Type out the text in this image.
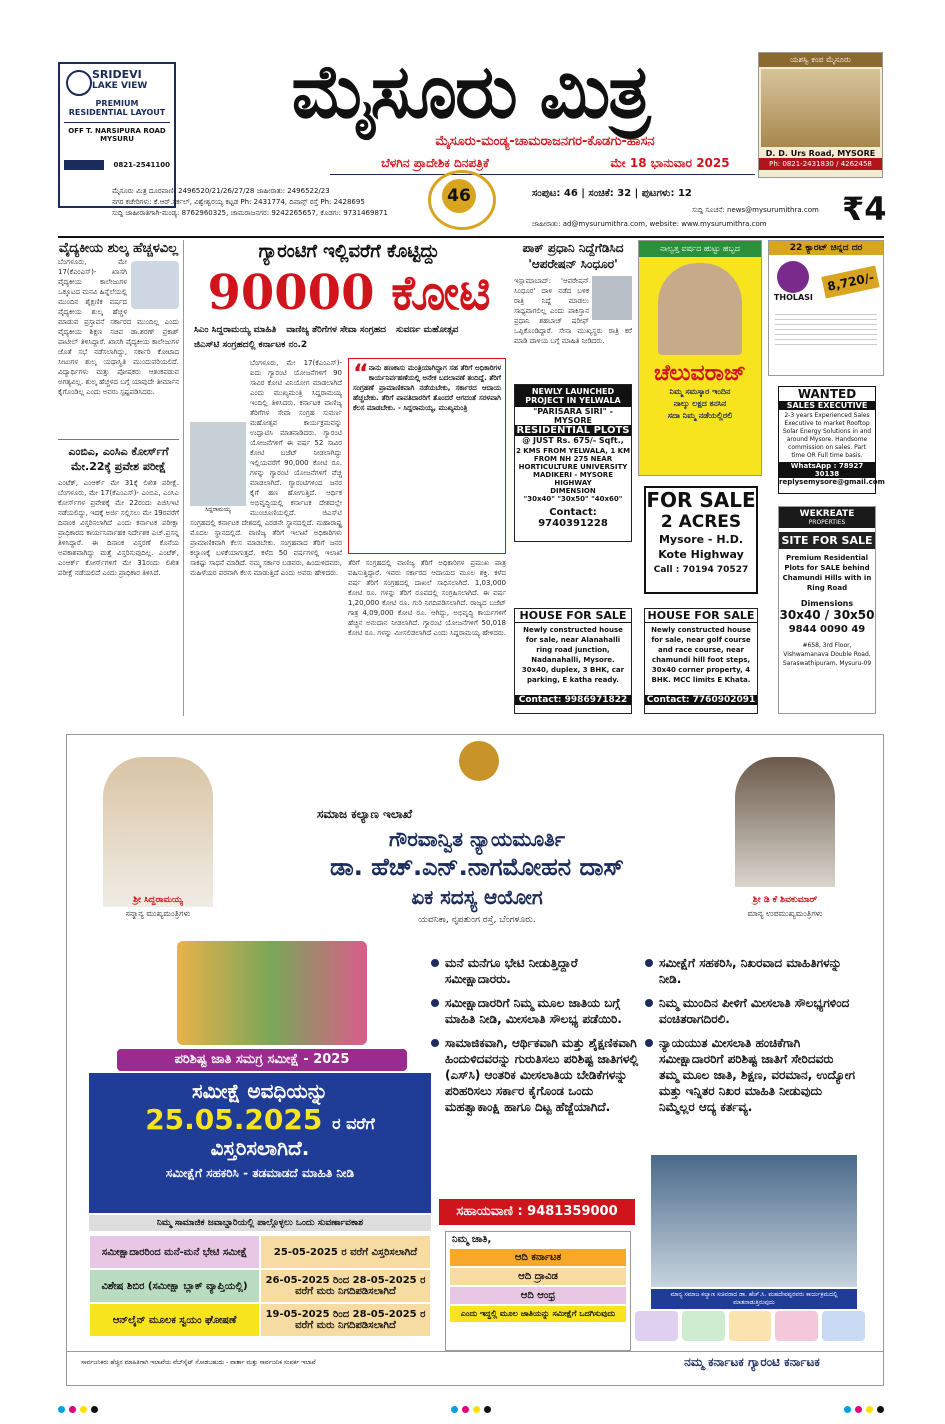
SRIDEVI
LAKE VIEW
PREMIUM
RESIDENTIAL LAYOUT
OFF T. NARSIPURA ROAD
MYSURU
0821-2541100
ಮೈಸೂರು ಮಿತ್ರ
ಮೈಸೂರು-ಮಂಡ್ಯ-ಚಾಮರಾಜನಗರ-ಕೊಡಗು-ಹಾಸನ
ಬೆಳಗಿನ ಪ್ರಾದೇಶಿಕ ದಿನಪತ್ರಿಕೆ	ಮೇ 18 ಭಾನುವಾರ 2025
46
ಮೈಸೂರು ಮಿತ್ರ ದೂರವಾಣಿ: 2496520/21/26/27/28 ಜಾಹೀರಾತು: 2496522/23
ನಗರ ಕಚೇರಿಗಳು: ಕೆ.ಆರ್.ಸರ್ಕಲ್, ವಿಶ್ವೇಶ್ವರಯ್ಯ ಕಟ್ಟಡ Ph: 2431774, ದಿವಾನ್ಸ್ ರಸ್ತೆ Ph: 2428695
ಸುದ್ದಿ ಜಾಹೀರಾತಿಗಾಗಿ-ಮಂಡ್ಯ: 8762960325, ಚಾಮರಾಜನಗರ: 9242265657, ಕೊಡಗು: 9731469871
ಸಂಪುಟ: 46 | ಸಂಚಿಕೆ: 32 | ಪುಟಗಳು: 12
ಸುದ್ದಿ ಸೂಚನೆ: news@mysurumithra.com
ಜಾಹೀರಾತು: ad@mysurumithra.com, website: www.mysurumithra.com	₹4
ಯಶಸ್ವಿ ಕಂಪ ಮೈಸೂರು
D. D. Urs Road, MYSORE
Ph: 0821-2431830 / 4262458
ವೈದ್ಯಕೀಯ ಶುಲ್ಕ ಹೆಚ್ಚಳವಿಲ್ಲ
ಬೆಂಗಳೂರು, ಮೇ 17(ಕೆಎಂಎಸ್)- ಖಾಸಗಿ ವೈದ್ಯಕೀಯ ಕಾಲೇಜುಗಳ ಒಕ್ಕೂಟದ ಮನವಿ ಹಿನ್ನೆಲೆಯಲ್ಲಿ ಮುಂದಿನ ಶೈಕ್ಷಣಿಕ ವರ್ಷದ ವೈದ್ಯಕೀಯ ಶುಲ್ಕ ಹೆಚ್ಚಳ ಮಾಡುವ ಪ್ರಸ್ತಾವನೆ ಸರ್ಕಾರದ ಮುಂದಿಲ್ಲ ಎಂದು ವೈದ್ಯಕೀಯ ಶಿಕ್ಷಣ ಸಚಿವ ಡಾ.ಶರಣ್ ಪ್ರಕಾಶ್ ಪಾಟೀಲ್ ತಿಳಿಸಿದ್ದಾರೆ. ಖಾಸಗಿ ವೈದ್ಯಕೀಯ ಕಾಲೇಜುಗಳ ಜೊತೆ ಸಭೆ ನಡೆಸಲಾಗಿದ್ದು, ಸರ್ಕಾರಿ ಕೋಟಾದ ಸೀಟುಗಳ ಶುಲ್ಕ ಯಥಾಸ್ಥಿತಿ ಮುಂದುವರಿಯಲಿದೆ. ವಿದ್ಯಾರ್ಥಿಗಳು ಮತ್ತು ಪೋಷಕರು ಆತಂಕಪಡುವ ಅಗತ್ಯವಿಲ್ಲ. ಶುಲ್ಕ ಹೆಚ್ಚಳದ ಬಗ್ಗೆ ಯಾವುದೇ ತೀರ್ಮಾನ ಕೈಗೊಂಡಿಲ್ಲ ಎಂದು ಅವರು ಸ್ಪಷ್ಟಪಡಿಸಿದರು.
ಎಂಬಿಎ, ಎಂಸಿಎ ಕೋರ್ಸ್‌ಗೆ ಮೇ.22ಕ್ಕೆ ಪ್ರವೇಶ ಪರೀಕ್ಷೆ
ಎಂಟೆಕ್, ಎಂಆರ್ಕ್ ಮೇ 31ಕ್ಕೆ ಲಿಖಿತ ಪರೀಕ್ಷೆ. ಬೆಂಗಳೂರು, ಮೇ 17(ಕೆಎಂಎಸ್)- ಎಂಬಿಎ, ಎಂಸಿಎ ಕೋರ್ಸ್‌ಗಳ ಪ್ರವೇಶಕ್ಕೆ ಮೇ 22ರಂದು ಪಿಜಿಸಿಇಟಿ ನಡೆಯಲಿದ್ದು, ಇದಕ್ಕೆ ಅರ್ಜಿ ಸಲ್ಲಿಸಲು ಮೇ 19ರವರೆಗೆ ದಿನಾಂಕ ವಿಸ್ತರಿಸಲಾಗಿದೆ ಎಂದು ಕರ್ನಾಟಕ ಪರೀಕ್ಷಾ ಪ್ರಾಧಿಕಾರದ ಕಾರ್ಯನಿರ್ವಾಹಕ ನಿರ್ದೇಶಕ ಎಚ್.ಪ್ರಸನ್ನ ತಿಳಿಸಿದ್ದಾರೆ. ಈ ದಿನಾಂಕ ವಿಸ್ತರಣೆ ಕೊನೆಯ ಅವಕಾಶವಾಗಿದ್ದು ಮತ್ತೆ ವಿಸ್ತರಿಸುವುದಿಲ್ಲ. ಎಂಟೆಕ್, ಎಂಆರ್ಕ್ ಕೋರ್ಸ್‌ಗಳಿಗೆ ಮೇ 31ರಂದು ಲಿಖಿತ ಪರೀಕ್ಷೆ ನಡೆಯಲಿದೆ ಎಂದು ಪ್ರಾಧಿಕಾರ ತಿಳಿಸಿದೆ.
ಗ್ಯಾರಂಟಿಗೆ ಇಲ್ಲಿವರೆಗೆ ಕೊಟ್ಟಿದ್ದು
90000 ಕೋಟಿ
ಸಿಎಂ ಸಿದ್ದರಾಮಯ್ಯ ಮಾಹಿತಿ ವಾಣಿಜ್ಯ ತೆರಿಗೆಗಳ ಸೇವಾ ಸಂಗ್ರಹದ ಸುವರ್ಣ ಮಹೋತ್ಸವ
ಜಿಎಸ್‌ಟಿ ಸಂಗ್ರಹದಲ್ಲಿ ಕರ್ನಾಟಕ ನಂ.2
ಸಿದ್ದರಾಮಯ್ಯ
ಬೆಂಗಳೂರು, ಮೇ 17(ಕೆಎಂಎಸ್)- ಐದು ಗ್ಯಾರಂಟಿ ಯೋಜನೆಗಳಿಗೆ 90 ಸಾವಿರ ಕೋಟಿ ವಿನಿಯೋಗ ಮಾಡಲಾಗಿದೆ ಎಂದು ಮುಖ್ಯಮಂತ್ರಿ ಸಿದ್ದರಾಮಯ್ಯ ಇಂದಿಲ್ಲಿ ತಿಳಿಸಿದರು. ಕರ್ನಾಟಕ ವಾಣಿಜ್ಯ ತೆರಿಗೆಗಳ ಸೇವಾ ಸಂಗ್ರಹ ಸುವರ್ಣ ಮಹೋತ್ಸವ ಕಾರ್ಯಕ್ರಮವನ್ನು ಉದ್ಘಾಟಿಸಿ ಮಾತನಾಡಿದರು. ಗ್ಯಾರಂಟಿ ಯೋಜನೆಗಳಿಗೆ ಈ ವರ್ಷ 52 ಸಾವಿರ ಕೋಟಿ ಬಜೆಟ್ ನೀಡಲಾಗಿದ್ದು ಇಲ್ಲಿಯವರೆಗೆ 90,000 ಕೋಟಿ ರೂ. ಗಳನ್ನು ಗ್ಯಾರಂಟಿ ಯೋಜನೆಗಳಿಗೆ ವೆಚ್ಚ ಮಾಡಲಾಗಿದೆ. ಗ್ಯಾರಂಟಿಗಳಿಂದ ಜನರ ಕೈಗೆ ಹಣ ಹೋಗುತ್ತಿದೆ. ಆರ್ಥಿಕ ಅಭಿವೃದ್ಧಿಯಲ್ಲಿ ಕರ್ನಾಟಕ ದೇಶದಲ್ಲೇ ಮುಂಚೂಣಿಯಲ್ಲಿದೆ. ಜಿಎಸ್‌ಟಿ ಸಂಗ್ರಹದಲ್ಲಿ ಕರ್ನಾಟಕ ದೇಶದಲ್ಲಿ ಎರಡನೇ ಸ್ಥಾನದಲ್ಲಿದೆ. ಮಹಾರಾಷ್ಟ್ರ ಮೊದಲ ಸ್ಥಾನದಲ್ಲಿದೆ. ವಾಣಿಜ್ಯ ತೆರಿಗೆ ಇಲಾಖೆ ಅಧಿಕಾರಿಗಳು ಪ್ರಾಮಾಣಿಕವಾಗಿ ಕೆಲಸ ಮಾಡಬೇಕು. ಸಂಗ್ರಹವಾದ ತೆರಿಗೆ ಜನರ ಕಲ್ಯಾಣಕ್ಕೆ ಬಳಕೆಯಾಗುತ್ತದೆ. ಕಳೆದ 50 ವರ್ಷಗಳಲ್ಲಿ ಇಲಾಖೆ ಸಾಕಷ್ಟು ಸಾಧನೆ ಮಾಡಿದೆ. ನಮ್ಮ ಸರ್ಕಾರ ಬಡವರು, ಹಿಂದುಳಿದವರು, ಮಹಿಳೆಯರ ಪರವಾಗಿ ಕೆಲಸ ಮಾಡುತ್ತಿದೆ ಎಂದು ಅವರು ಹೇಳಿದರು.
“ ನಾನು ಹಣಕಾಸು ಮಂತ್ರಿಯಾಗಿದ್ದಾಗ ಸಹ ತೆರಿಗೆ ಅಧಿಕಾರಿಗಳ ಕಾರ್ಯನಿರ್ವಹಣೆಯಲ್ಲಿ ಅನೇಕ ಬದಲಾವಣೆ ತಂದಿದ್ದೆ. ತೆರಿಗೆ ಸಂಗ್ರಹಣೆ ಪ್ರಾಮಾಣಿಕವಾಗಿ ನಡೆಯಬೇಕು, ಸರ್ಕಾರದ ಆದಾಯ ಹೆಚ್ಚಬೇಕು. ತೆರಿಗೆ ಪಾವತಿದಾರರಿಗೆ ತೊಂದರೆ ಆಗದಂತೆ ಸರಳವಾಗಿ ಕೆಲಸ ಮಾಡಬೇಕು. - ಸಿದ್ದರಾಮಯ್ಯ, ಮುಖ್ಯಮಂತ್ರಿ
ತೆರಿಗೆ ಸಂಗ್ರಹದಲ್ಲಿ ವಾಣಿಜ್ಯ ತೆರಿಗೆ ಅಧಿಕಾರಿಗಳ ಪ್ರಮುಖ ಪಾತ್ರ ವಹಿಸುತ್ತಿದ್ದಾರೆ. ಇವರು ಸರ್ಕಾರದ ಆದಾಯದ ಮೂಲ ಶಕ್ತಿ. ಕಳೆದ ವರ್ಷ ತೆರಿಗೆ ಸಂಗ್ರಹದಲ್ಲಿ ದಾಖಲೆ ಸಾಧಿಸಲಾಗಿದೆ. 1,03,000 ಕೋಟಿ ರೂ. ಗಳನ್ನು ತೆರಿಗೆ ರೂಪದಲ್ಲಿ ಸಂಗ್ರಹಿಸಲಾಗಿದೆ. ಈ ವರ್ಷ 1,20,000 ಕೋಟಿ ರೂ. ಗುರಿ ನಿಗದಿಪಡಿಸಲಾಗಿದೆ. ರಾಜ್ಯದ ಬಜೆಟ್ ಗಾತ್ರ 4,09,000 ಕೋಟಿ ರೂ. ಆಗಿದ್ದು, ಅಭಿವೃದ್ಧಿ ಕಾರ್ಯಗಳಿಗೆ ಹೆಚ್ಚಿನ ಅನುದಾನ ನೀಡಲಾಗಿದೆ. ಗ್ಯಾರಂಟಿ ಯೋಜನೆಗಳಿಗೆ 50,018 ಕೋಟಿ ರೂ. ಗಳನ್ನು ಮೀಸಲಿಡಲಾಗಿದೆ ಎಂದು ಸಿದ್ದರಾಮಯ್ಯ ಹೇಳಿದರು.
ಪಾಕ್ ಪ್ರಧಾನಿ ನಿದ್ದೆಗೆಡಿಸಿದ 'ಆಪರೇಷನ್ ಸಿಂಧೂರ'
ಇಸ್ಲಾಮಾಬಾದ್: 'ಆಪರೇಷನ್ ಸಿಂಧೂರ' ದಾಳಿ ನಡೆದ ಬಳಿಕ ರಾತ್ರಿ ನಿದ್ದೆ ಮಾಡಲು ಸಾಧ್ಯವಾಗಲಿಲ್ಲ ಎಂದು ಪಾಕಿಸ್ತಾನ ಪ್ರಧಾನಿ ಶಹಬಾಜ್ ಷರೀಫ್ ಒಪ್ಪಿಕೊಂಡಿದ್ದಾರೆ. ಸೇನಾ ಮುಖ್ಯಸ್ಥರು ರಾತ್ರಿ ಕರೆ ಮಾಡಿ ದಾಳಿಯ ಬಗ್ಗೆ ಮಾಹಿತಿ ನೀಡಿದರು.
NEWLY LAUNCHED PROJECT IN YELWALA
"PARISARA SIRI" - MYSORE
RESIDENTIAL PLOTS
@ JUST Rs. 675/- Sqft.,
2 KMS FROM YELWALA, 1 KM FROM NH 275 NEAR HORTICULTURE UNIVERSITY
MADIKERI - MYSORE HIGHWAY
DIMENSION
"30x40" "30x50" "40x60"
Contact: 9740391228
ನಾಲ್ವತ್ತ ವರ್ಷದ ಹುಟ್ಟು ಹಬ್ಬದ
ಚೆಲುವರಾಜ್
ನಿಮ್ಮ ಸಮಸ್ಕಾರ ಇಂದಿನ
ನಾಲ್ಕು ಲಕ್ಷದ ಕನಸಿನ
ಸದಾ ನಿಮ್ಮ ನಡೆಯಲ್ಲಿರಲಿ
FOR SALE
2 ACRES
Mysore - H.D. Kote Highway
Call : 70194 70527
HOUSE FOR SALE
Newly constructed house for sale, near Alanahalli ring road junction, Nadanahalli, Mysore. 30x40, duplex, 3 BHK, car parking, E katha ready.
Contact: 9986971822
HOUSE FOR SALE
Newly constructed house for sale, near golf course and race course, near chamundi hill foot steps, 30x40 corner property, 4 BHK. MCC limits E Khata.
Contact: 7760902091
22 ಕ್ಯಾರಟ್ ಚಿನ್ನದ ದರ
THOLASI
8,720/-
WANTED
SALES EXECUTIVE
2-3 years Experienced Sales Executive to market Rooftop Solar Energy Solutions in and around Mysore. Handsome commission on sales. Part time OR Full time basis.
WhatsApp : 78927 30138
replysemysore@gmail.com
WEKREATE
PROPERTIES
SITE FOR SALE
Premium Residential Plots for SALE behind Chamundi Hills with in Ring Road
Dimensions
30x40 / 30x50
9844 0090 49
#658, 3rd Floor, Vishwamanava Double Road, Saraswathipuram, Mysuru-09
ಶ್ರೀ ಸಿದ್ದರಾಮಯ್ಯ
ಸನ್ಮಾನ್ಯ ಮುಖ್ಯಮಂತ್ರಿಗಳು
ಶ್ರೀ ಡಿ ಕೆ ಶಿವಕುಮಾರ್
ಮಾನ್ಯ ಉಪಮುಖ್ಯಮಂತ್ರಿಗಳು
ಸಮಾಜ ಕಲ್ಯಾಣ ಇಲಾಖೆ
ಗೌರವಾನ್ವಿತ ನ್ಯಾಯಮೂರ್ತಿ
ಡಾ. ಹೆಚ್.ಎನ್.ನಾಗಮೋಹನ ದಾಸ್
ಏಕ ಸದಸ್ಯ ಆಯೋಗ
ಯವನಿಕಾ, ನೃಪತುಂಗ ರಸ್ತೆ, ಬೆಂಗಳೂರು.
ಪರಿಶಿಷ್ಟ ಜಾತಿ ಸಮಗ್ರ ಸಮೀಕ್ಷೆ - 2025
ಸಮೀಕ್ಷೆ ಅವಧಿಯನ್ನು
25.05.2025 ರ ವರೆಗೆ
ವಿಸ್ತರಿಸಲಾಗಿದೆ.
ಸಮೀಕ್ಷೆಗೆ ಸಹಕರಿಸಿ - ತಡಮಾಡದೆ ಮಾಹಿತಿ ನೀಡಿ
ನಿಮ್ಮ ಸಾಮಾಜಿಕ ಜವಾಬ್ದಾರಿಯಲ್ಲಿ ಪಾಲ್ಗೊಳ್ಳಲು ಒಂದು ಸುವರ್ಣಾವಕಾಶ
ಸಮೀಕ್ಷಾದಾರರಿಂದ ಮನೆ-ಮನೆ ಭೇಟಿ ಸಮೀಕ್ಷೆ	25-05-2025 ರ ವರೆಗೆ ವಿಸ್ತರಿಸಲಾಗಿದೆ
ವಿಶೇಷ ಶಿಬಿರ (ಸಮೀಕ್ಷಾ ಬ್ಲಾಕ್ ವ್ಯಾಪ್ತಿಯಲ್ಲಿ)	26-05-2025 ರಿಂದ 28-05-2025 ರ ವರೆಗೆ ಮರು ನಿಗದಿಪಡಿಸಲಾಗಿದೆ
ಆನ್‌ಲೈನ್ ಮೂಲಕ ಸ್ವಯಂ ಘೋಷಣೆ	19-05-2025 ರಿಂದ 28-05-2025 ರ ವರೆಗೆ ಮರು ನಿಗದಿಪಡಿಸಲಾಗಿದೆ
ಮನೆ ಮನೆಗೂ ಭೇಟಿ ನೀಡುತ್ತಿದ್ದಾರೆ ಸಮೀಕ್ಷಾದಾರರು.
ಸಮೀಕ್ಷಾದಾರರಿಗೆ ನಿಮ್ಮ ಮೂಲ ಜಾತಿಯ ಬಗ್ಗೆ ಮಾಹಿತಿ ನೀಡಿ, ಮೀಸಲಾತಿ ಸೌಲಭ್ಯ ಪಡೆಯಿರಿ.
ಸಾಮಾಜಿಕವಾಗಿ, ಆರ್ಥಿಕವಾಗಿ ಮತ್ತು ಶೈಕ್ಷಣಿಕವಾಗಿ ಹಿಂದುಳಿದವರನ್ನು ಗುರುತಿಸಲು ಪರಿಶಿಷ್ಟ ಜಾತಿಗಳಲ್ಲಿ (ಎಸ್‌ಸಿ) ಆಂತರಿಕ ಮೀಸಲಾತಿಯ ಬೇಡಿಕೆಗಳನ್ನು ಪರಿಹರಿಸಲು ಸರ್ಕಾರ ಕೈಗೊಂಡ ಒಂದು ಮಹತ್ವಾಕಾಂಕ್ಷಿ ಹಾಗೂ ದಿಟ್ಟ ಹೆಜ್ಜೆಯಾಗಿದೆ.
ಸಮೀಕ್ಷೆಗೆ ಸಹಕರಿಸಿ, ನಿಖರವಾದ ಮಾಹಿತಿಗಳನ್ನು ನೀಡಿ.
ನಿಮ್ಮ ಮುಂದಿನ ಪೀಳಿಗೆ ಮೀಸಲಾತಿ ಸೌಲಭ್ಯಗಳಿಂದ ವಂಚಿತರಾಗದಿರಲಿ.
ನ್ಯಾಯಯುತ ಮೀಸಲಾತಿ ಹಂಚಿಕೆಗಾಗಿ ಸಮೀಕ್ಷಾದಾರರಿಗೆ ಪರಿಶಿಷ್ಟ ಜಾತಿಗೆ ಸೇರಿದವರು ತಮ್ಮ ಮೂಲ ಜಾತಿ, ಶಿಕ್ಷಣ, ವರಮಾನ, ಉದ್ಯೋಗ ಮತ್ತು ಇನ್ನಿತರ ನಿಖರ ಮಾಹಿತಿ ನೀಡುವುದು ನಿಮ್ಮೆಲ್ಲರ ಆದ್ಯ ಕರ್ತವ್ಯ.
ಸಹಾಯವಾಣಿ : 9481359000
ನಿಮ್ಮ ಜಾತಿ,
ಆದಿ ಕರ್ನಾಟಕ
ಆದಿ ದ್ರಾವಿಡ
ಆದಿ ಆಂಧ್ರ
ಎಂದು ಇದ್ದಲ್ಲಿ ಮೂಲ ಜಾತಿಯನ್ನು ಸಮೀಕ್ಷೆಗೆ ಒದಗಿಸುವುದು
ಮಾನ್ಯ ಸಮಾಜ ಕಲ್ಯಾಣ ಸಚಿವರಾದ ಡಾ. ಹೆಚ್.ಸಿ. ಮಹದೇವಪ್ಪರವರು ಕಾರ್ಯಕ್ರಮದಲ್ಲಿ ಮಾತನಾಡುತ್ತಿರುವುದು
ಸಾರ್ವಜನಿಕರು ಹೆಚ್ಚಿನ ಮಾಹಿತಿಗಾಗಿ ಇಲಾಖೆಯ ವೆಬ್‌ಸೈಟ್ ನೋಡಬಹುದು - ವಾರ್ತಾ ಮತ್ತು ಸಾರ್ವಜನಿಕ ಸಂಪರ್ಕ ಇಲಾಖೆ	ನಮ್ಮ ಕರ್ನಾಟಕ ಗ್ಯಾರಂಟಿ ಕರ್ನಾಟಕ
